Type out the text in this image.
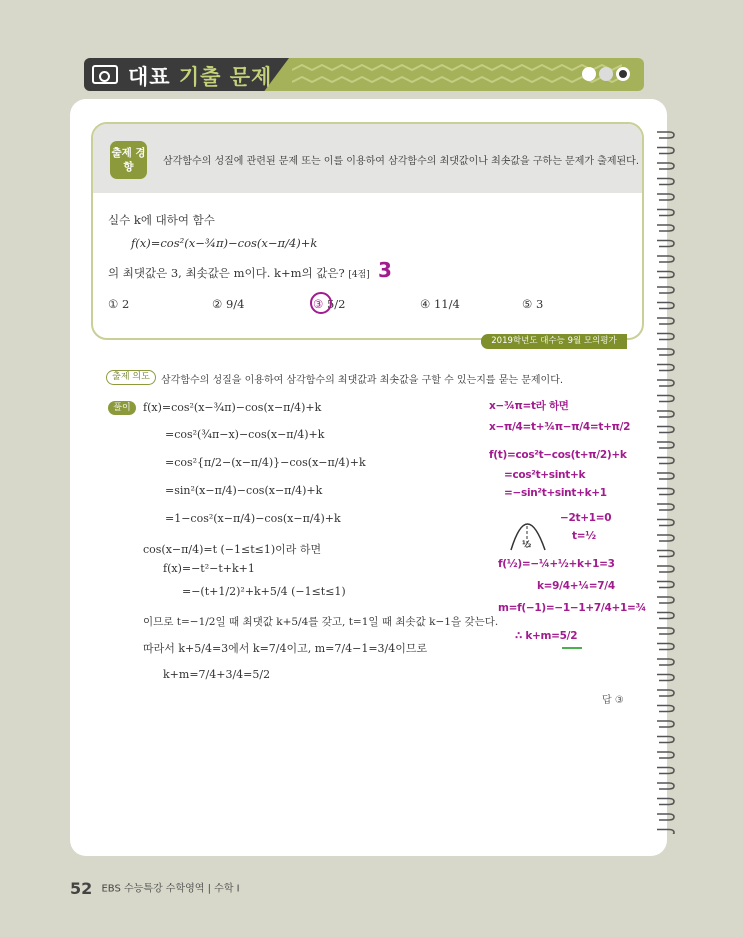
대표 기출 문제
출제 경향	삼각함수의 성질에 관련된 문제 또는 이를 이용하여 삼각함수의 최댓값이나 최솟값을 구하는 문제가 출제된다.
실수 k에 대하여 함수
f(x)=cos²(x−¾π)−cos(x−π/4)+k
의 최댓값은 3, 최솟값은 m이다. k+m의 값은? [4점]
① 2	② 9/4	③ 5/2	④ 11/4	⑤ 3
3
2019학년도 대수능 9월 모의평가
출제 의도	삼각함수의 성질을 이용하여 삼각함수의 최댓값과 최솟값을 구할 수 있는지를 묻는 문제이다.
풀이	f(x)=cos²(x−¾π)−cos(x−π/4)+k
=cos²(¾π−x)−cos(x−π/4)+k
=cos²{π/2−(x−π/4)}−cos(x−π/4)+k
=sin²(x−π/4)−cos(x−π/4)+k
=1−cos²(x−π/4)−cos(x−π/4)+k
cos(x−π/4)=t (−1≤t≤1)이라 하면
f(x)=−t²−t+k+1
=−(t+1/2)²+k+5/4 (−1≤t≤1)
이므로 t=−1/2일 때 최댓값 k+5/4를 갖고, t=1일 때 최솟값 k−1을 갖는다.
따라서 k+5/4=3에서 k=7/4이고, m=7/4−1=3/4이므로
k+m=7/4+3/4=5/2
답 ③
x−¾π=t라 하면
x−π/4=t+¾π−π/4=t+π/2
f(t)=cos²t−cos(t+π/2)+k
=cos²t+sint+k
=−sin²t+sint+k+1
½
−2t+1=0
t=½
f(½)=−¼+½+k+1=3
k=9/4+¼=7/4
m=f(−1)=−1−1+7/4+1=¾
∴ k+m=5/2
52 EBS 수능특강 수학영역 | 수학 Ⅰ
